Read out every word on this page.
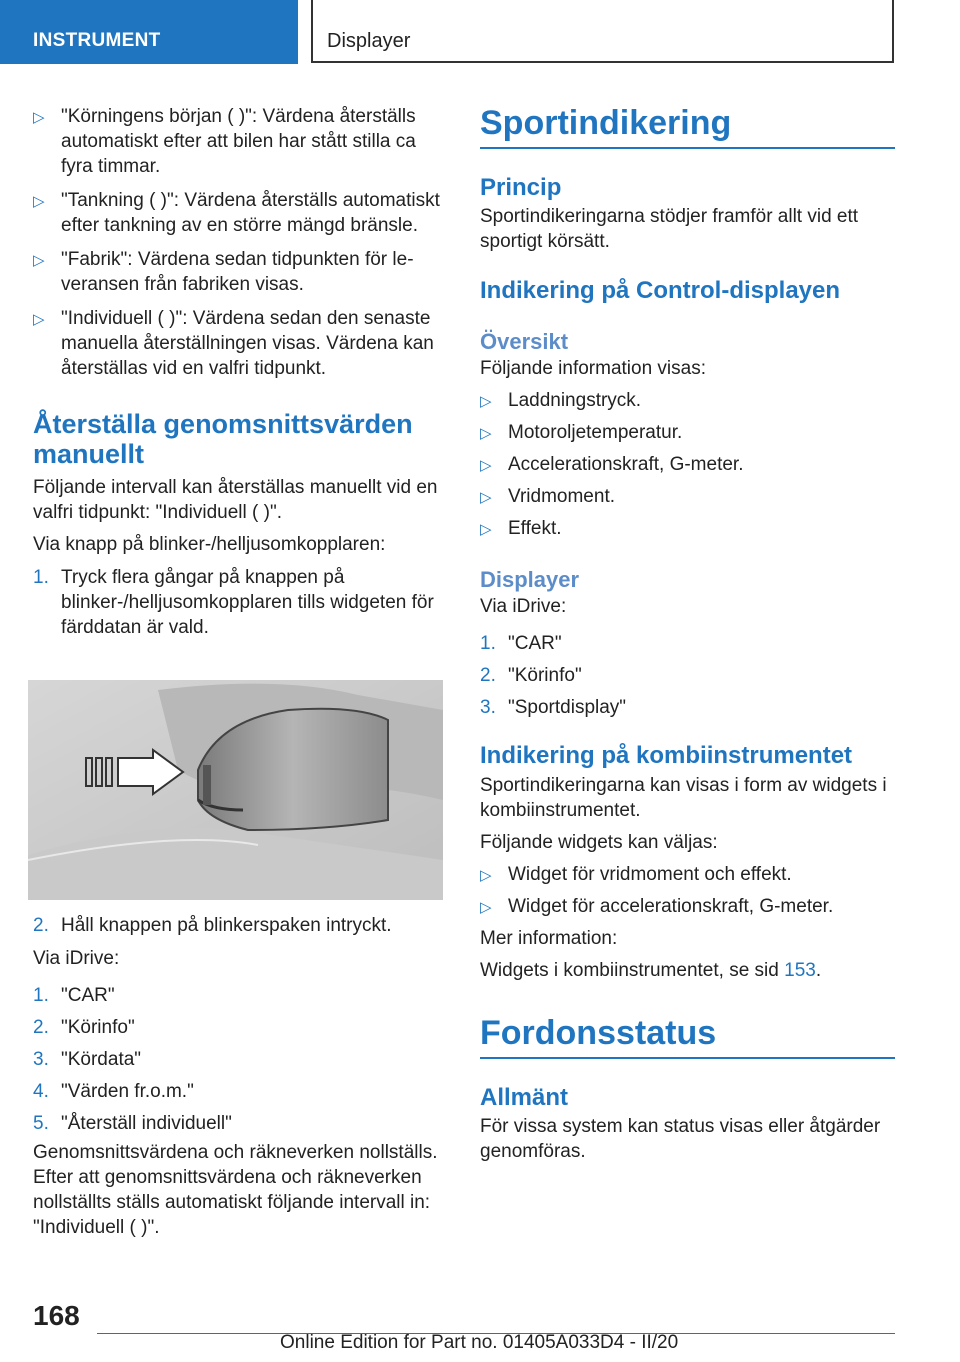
INSTRUMENT	Displayer
▷ "Körningens början ( )": Värdena återställs automatiskt efter att bilen har stått stilla ca fyra timmar.
▷ "Tankning ( )": Värdena återställs automatiskt efter tankning av en större mängd bränsle.
▷ "Fabrik": Värdena sedan tidpunkten för leveransen från fabriken visas.
▷ "Individuell ( )": Värdena sedan den senaste manuella återställningen visas. Värdena kan återställas vid en valfri tidpunkt.
Återställa genomsnittsvärden manuellt

Följande intervall kan återställas manuellt vid en valfri tidpunkt: "Individuell ( )".

Via knapp på blinker-/helljusomkopplaren:

1. Tryck flera gångar på knappen på blinker-/helljusomkopplaren tills widgeten för färddatan är vald.
2. Håll knappen på blinkerspaken intryckt.

Via iDrive:

1. "CAR"
2. "Körinfo"
3. "Kördata"
4. "Värden fr.o.m."
5. "Återställ individuell"

Genomsnittsvärdena och räkneverken nollställs. Efter att genomsnittsvärdena och räkneverken nollställts ställs automatiskt följande intervall in: "Individuell ( )".

Sportindikering
Princip

Sportindikeringarna stödjer framför allt vid ett sportigt körsätt.

Indikering på Control-displayen
Översikt

Följande information visas:

▷ Laddningstryck.
▷ Motoroljetemperatur.
▷ Accelerationskraft, G-meter.
▷ Vridmoment.
▷ Effekt.
Displayer

Via iDrive:

1. "CAR"
2. "Körinfo"
3. "Sportdisplay"
Indikering på kombiinstrumentet

Sportindikeringarna kan visas i form av widgets i kombiinstrumentet.

Följande widgets kan väljas:

▷ Widget för vridmoment och effekt.
▷ Widget för accelerationskraft, G-meter.

Mer information:

Widgets i kombiinstrumentet, se sid 153.

Fordonsstatus
Allmänt

För vissa system kan status visas eller åtgärder genomföras.

168
Online Edition for Part no. 01405A033D4 - II/20
